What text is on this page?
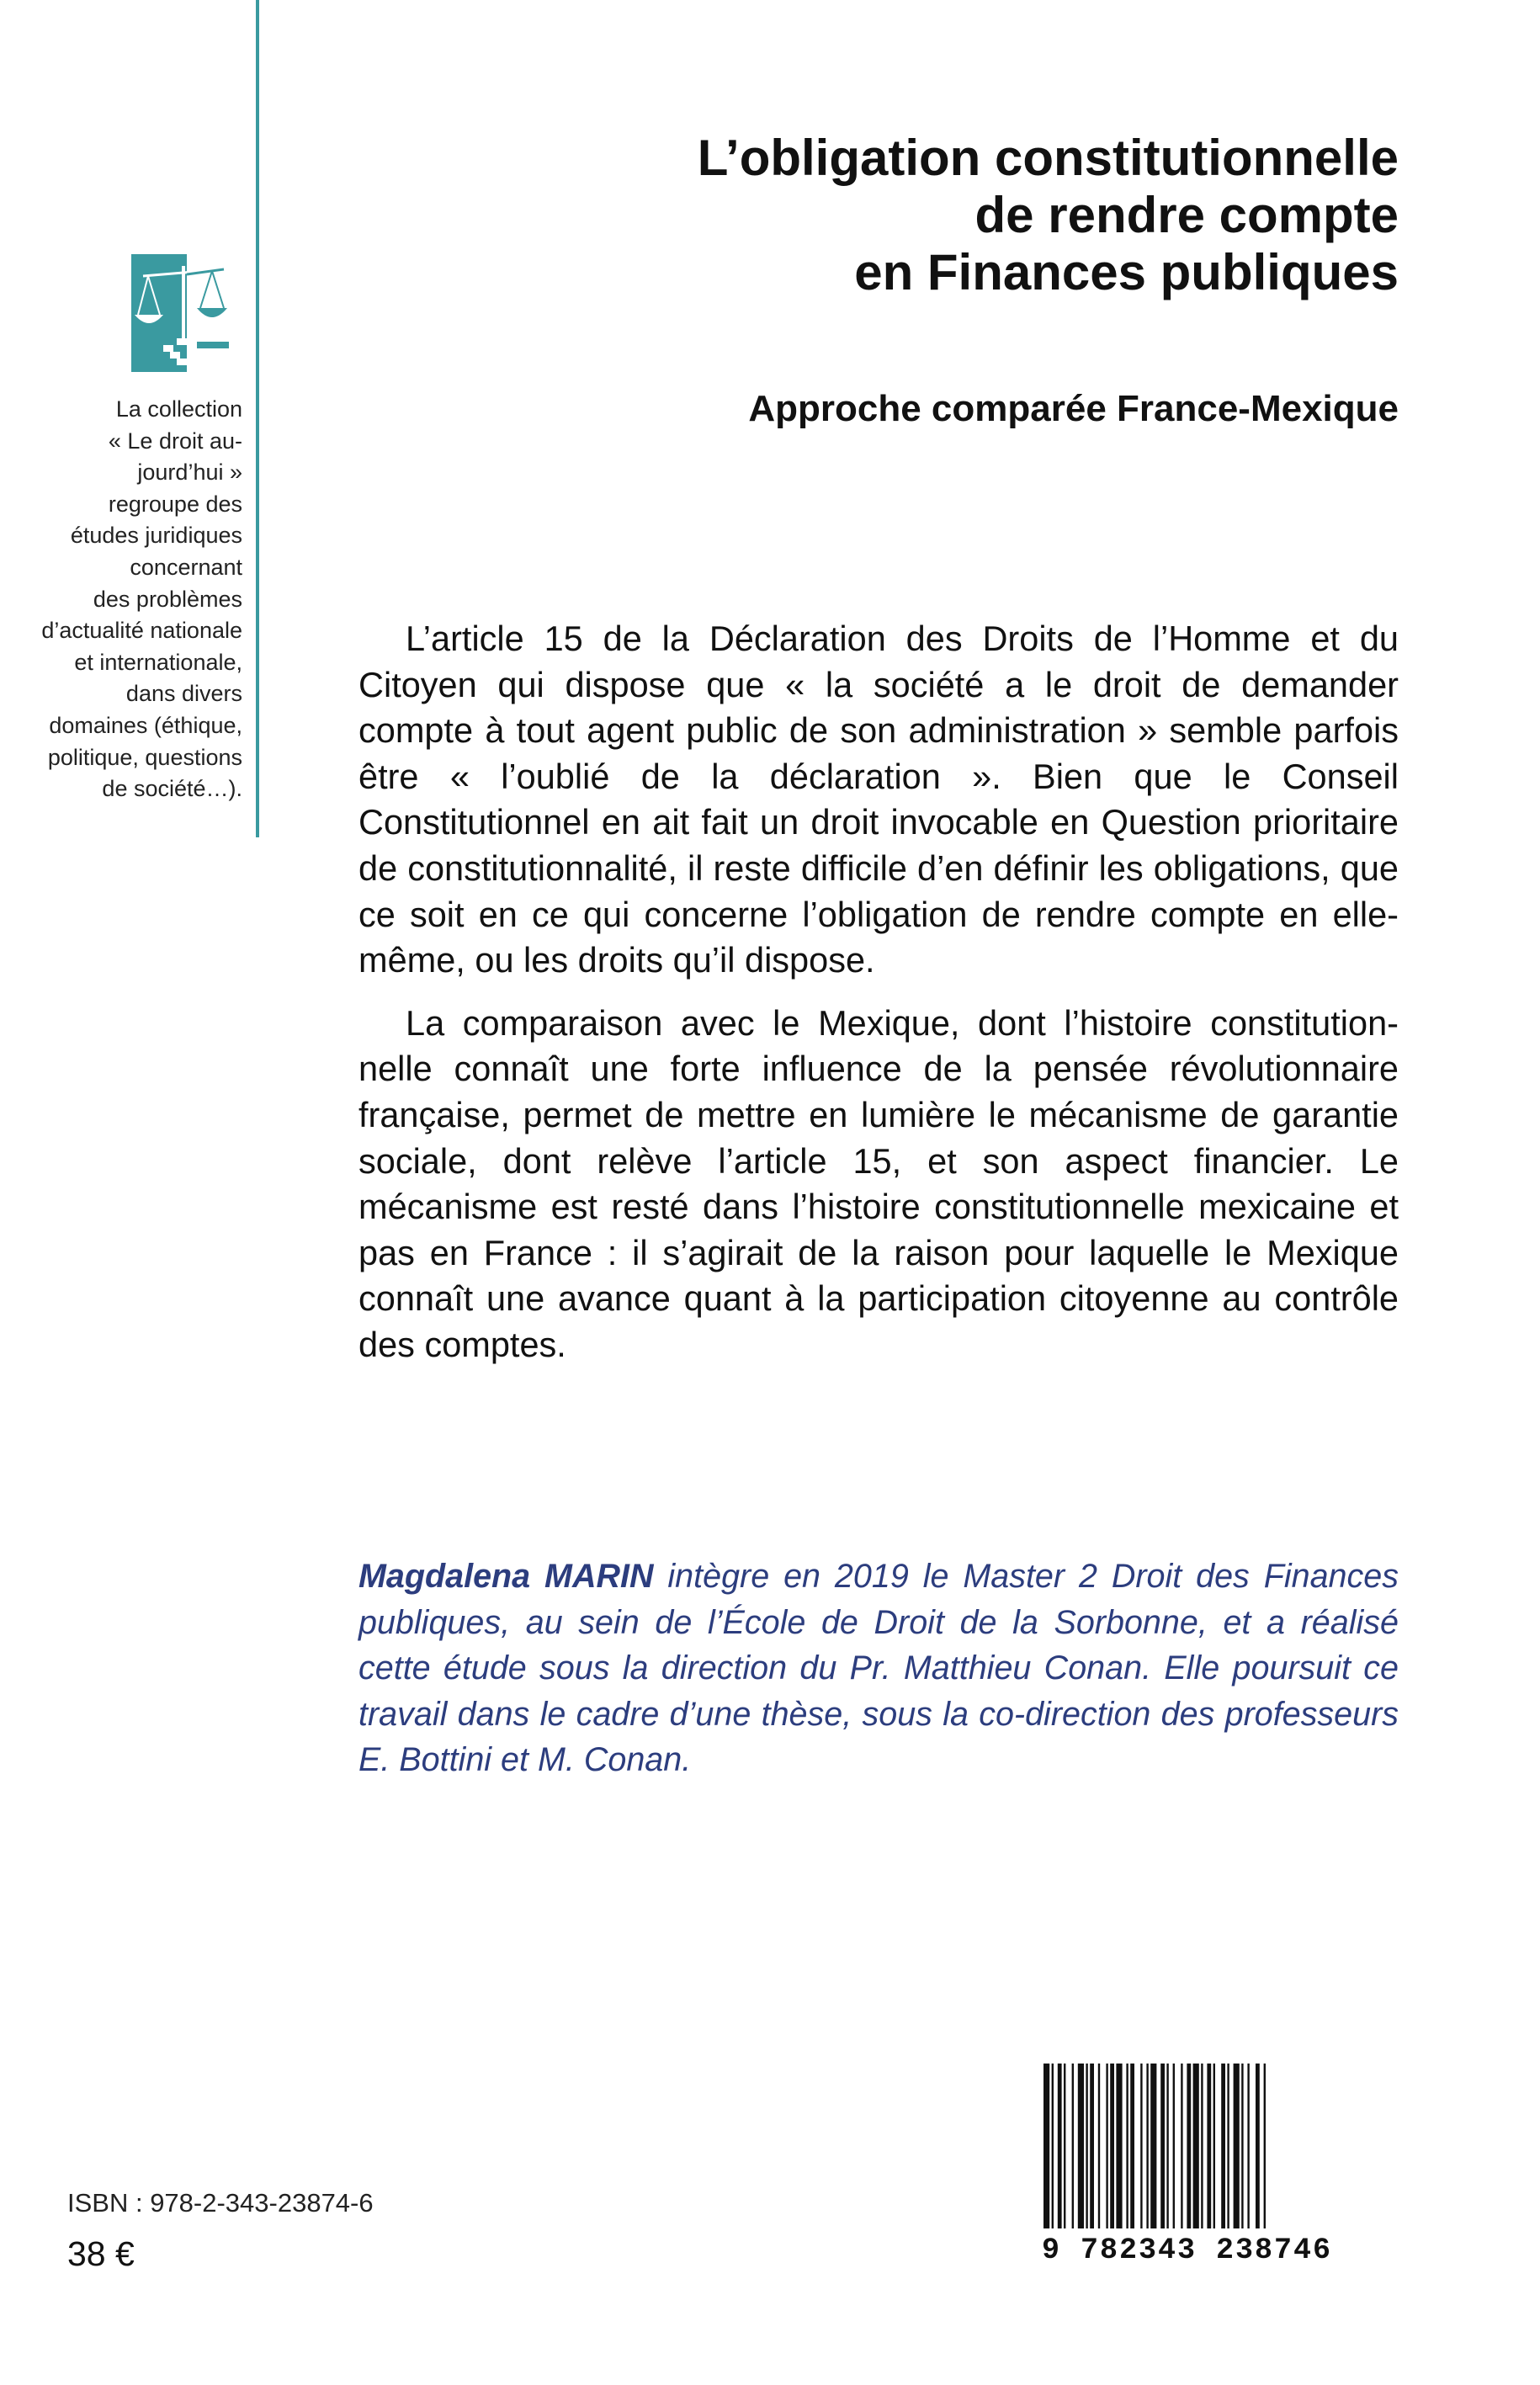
La collection
« Le droit au-
jourd’hui »
regroupe des
études juridiques
concernant
des problèmes
d’actualité nationale
et internationale,
dans divers
domaines (éthique,
politique, questions
de société…).
L’obligation constitutionnelle
de rendre compte
en Finances publiques
Approche comparée France-Mexique

L’article 15 de la Déclaration des Droits de l’Homme et du Citoyen qui dispose que « la société a le droit de demander compte à tout agent public de son administration » semble parfois être « l’oublié de la déclaration ». Bien que le Conseil Constitutionnel en ait fait un droit invocable en Question prioritaire de constitutionnalité, il reste difficile d’en définir les obligations, que ce soit en ce qui concerne l’obligation de rendre compte en elle-même, ou les droits qu’il dispose.

La comparaison avec le Mexique, dont l’histoire constitutionnelle connaît une forte influence de la pensée révolutionnaire française, permet de mettre en lumière le mécanisme de garantie sociale, dont relève l’article 15, et son aspect financier. Le mécanisme est resté dans l’histoire constitutionnelle mexicaine et pas en France : il s’agirait de la raison pour laquelle le Mexique connaît une avance quant à la participation citoyenne au contrôle des comptes.

Magdalena MARIN intègre en 2019 le Master 2 Droit des Finances publiques, au sein de l’École de Droit de la Sorbonne, et a réalisé cette étude sous la direction du Pr. Matthieu Conan. Elle poursuit ce travail dans le cadre d’une thèse, sous la co-direction des professeurs E. Bottini et M. Conan.
ISBN : 978-2-343-23874-6
38 €	9 782343 238746
